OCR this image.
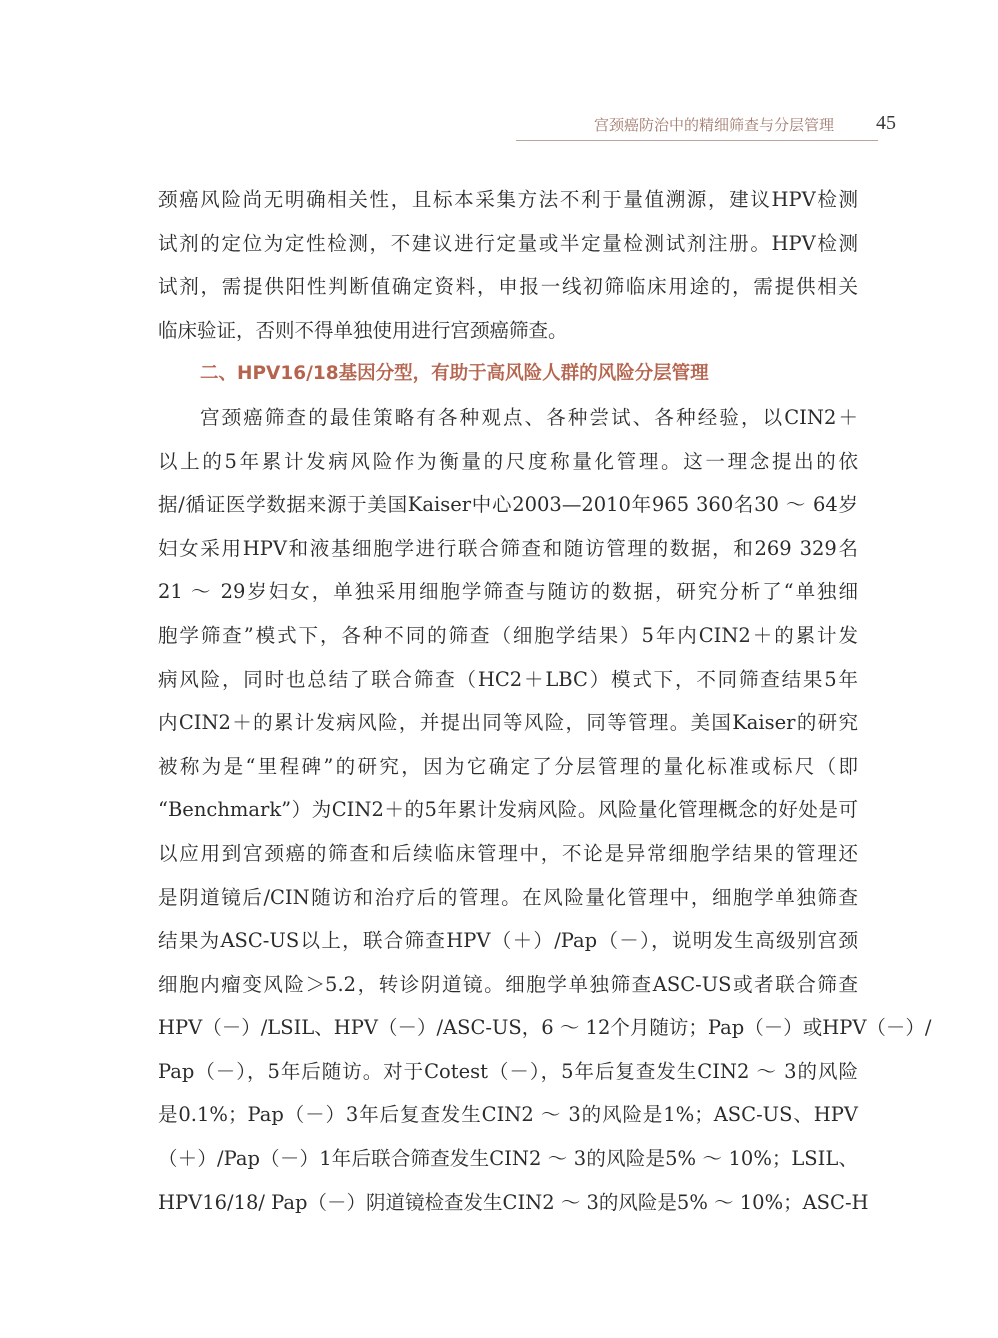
宫颈癌防治中的精细筛查与分层管理 45
颈癌风险尚无明确相关性，且标本采集方法不利于量值溯源，建议HPV检测
试剂的定位为定性检测，不建议进行定量或半定量检测试剂注册。HPV检测
试剂，需提供阳性判断值确定资料，申报一线初筛临床用途的，需提供相关
临床验证，否则不得单独使用进行宫颈癌筛查。
二、HPV16/18基因分型，有助于高风险人群的风险分层管理
宫颈癌筛查的最佳策略有各种观点、各种尝试、各种经验，以CIN2＋
以上的5年累计发病风险作为衡量的尺度称量化管理。这一理念提出的依
据/循证医学数据来源于美国Kaiser中心2003—2010年965 360名30 ～ 64岁
妇女采用HPV和液基细胞学进行联合筛查和随访管理的数据，和269 329名
21 ～ 29岁妇女，单独采用细胞学筛查与随访的数据，研究分析了“单独细
胞学筛查”模式下，各种不同的筛查（细胞学结果）5年内CIN2＋的累计发
病风险，同时也总结了联合筛查（HC2＋LBC）模式下，不同筛查结果5年
内CIN2＋的累计发病风险，并提出同等风险，同等管理。美国Kaiser的研究
被称为是“里程碑”的研究，因为它确定了分层管理的量化标准或标尺（即
“Benchmark”）为CIN2＋的5年累计发病风险。风险量化管理概念的好处是可
以应用到宫颈癌的筛查和后续临床管理中，不论是异常细胞学结果的管理还
是阴道镜后/CIN随访和治疗后的管理。在风险量化管理中，细胞学单独筛查
结果为ASC-US以上，联合筛查HPV（＋）/Pap（－），说明发生高级别宫颈
细胞内瘤变风险＞5.2，转诊阴道镜。细胞学单独筛查ASC-US或者联合筛查
HPV（－）/LSIL、HPV（－）/ASC-US，6 ～ 12个月随访；Pap（－）或HPV（－）/
Pap（－），5年后随访。对于Cotest（－），5年后复查发生CIN2 ～ 3的风险
是0.1%；Pap（－）3年后复查发生CIN2 ～ 3的风险是1%；ASC-US、HPV
（＋）/Pap（－）1年后联合筛查发生CIN2 ～ 3的风险是5% ～ 10%；LSIL、
HPV16/18/ Pap（－）阴道镜检查发生CIN2 ～ 3的风险是5% ～ 10%；ASC-H
